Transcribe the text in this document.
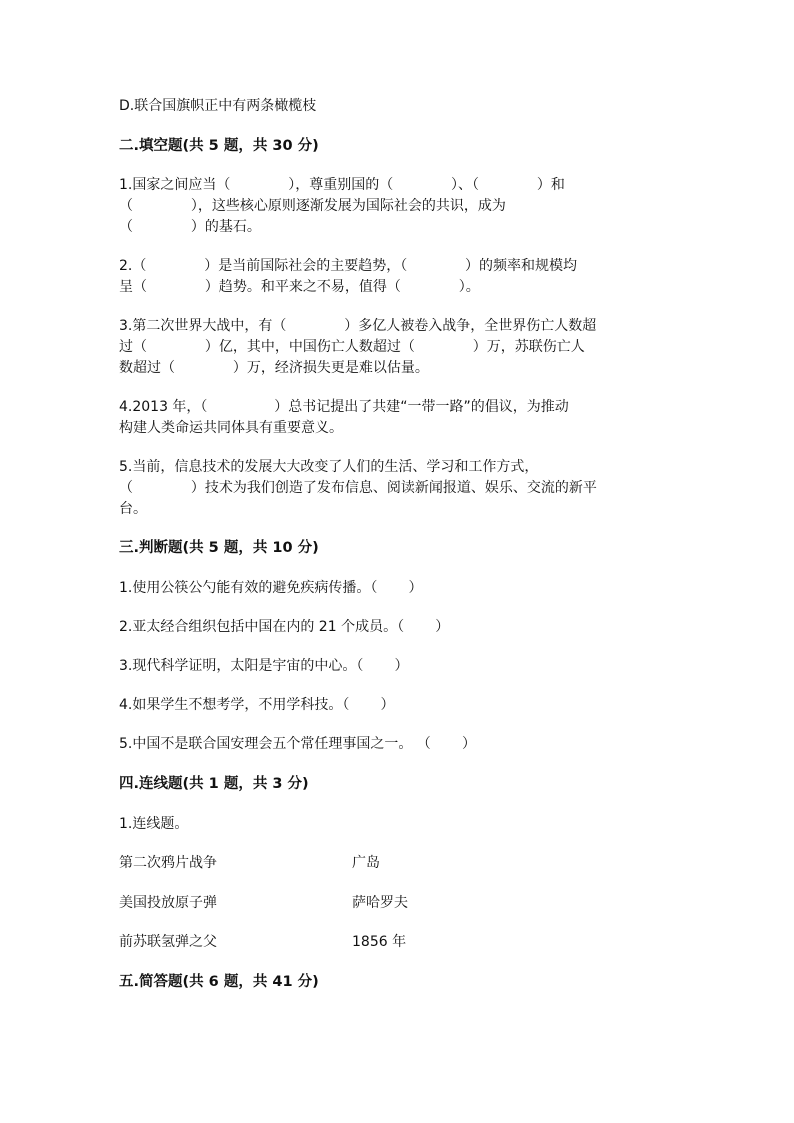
D.联合国旗帜正中有两条橄榄枝
二.填空题(共 5 题，共 30 分)
1.国家之间应当（             ），尊重别国的（             ）、（             ）和
（             ），这些核心原则逐渐发展为国际社会的共识，成为
（             ）的基石。
2.（             ）是当前国际社会的主要趋势，（             ）的频率和规模均
呈（             ）趋势。和平来之不易，值得（             ）。
3.第二次世界大战中，有（             ）多亿人被卷入战争，全世界伤亡人数超
过（             ）亿，其中，中国伤亡人数超过（             ）万，苏联伤亡人
数超过（             ）万，经济损失更是难以估量。
4.2013 年，（               ）总书记提出了共建“一带一路”的倡议，为推动
构建人类命运共同体具有重要意义。
5.当前，信息技术的发展大大改变了人们的生活、学习和工作方式，
（             ）技术为我们创造了发布信息、阅读新闻报道、娱乐、交流的新平
台。
三.判断题(共 5 题，共 10 分)
1.使用公筷公勺能有效的避免疾病传播。（       ）
2.亚太经合组织包括中国在内的 21 个成员。（       ）
3.现代科学证明，太阳是宇宙的中心。（       ）
4.如果学生不想考学，不用学科技。（       ）
5.中国不是联合国安理会五个常任理事国之一。 （       ）
四.连线题(共 1 题，共 3 分)
1.连线题。
第二次鸦片战争	广岛
美国投放原子弹	萨哈罗夫
前苏联氢弹之父	1856 年
五.简答题(共 6 题，共 41 分)
